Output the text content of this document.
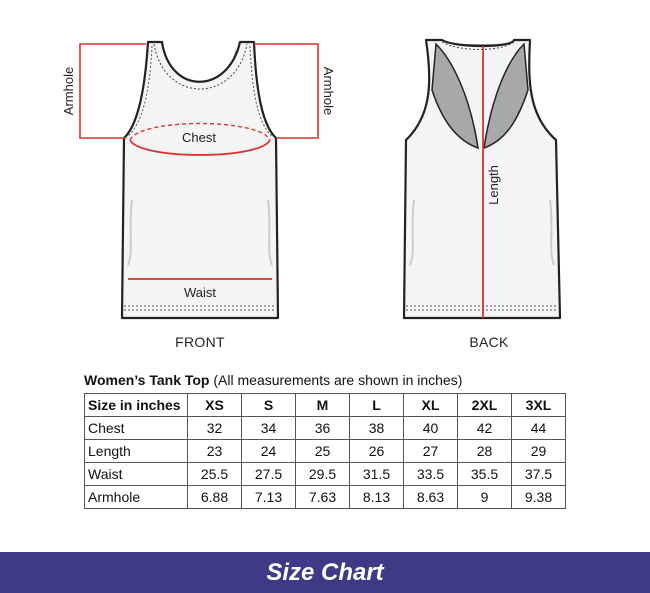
Armhole	Armhole
Chest
Waist
Length
FRONT	BACK
Women’s Tank Top (All measurements are shown in inches)
Size in inches	XS	S	M	L	XL	2XL	3XL
Chest	32	34	36	38	40	42	44
Length	23	24	25	26	27	28	29
Waist	25.5	27.5	29.5	31.5	33.5	35.5	37.5
Armhole	6.88	7.13	7.63	8.13	8.63	9	9.38
Size Chart
